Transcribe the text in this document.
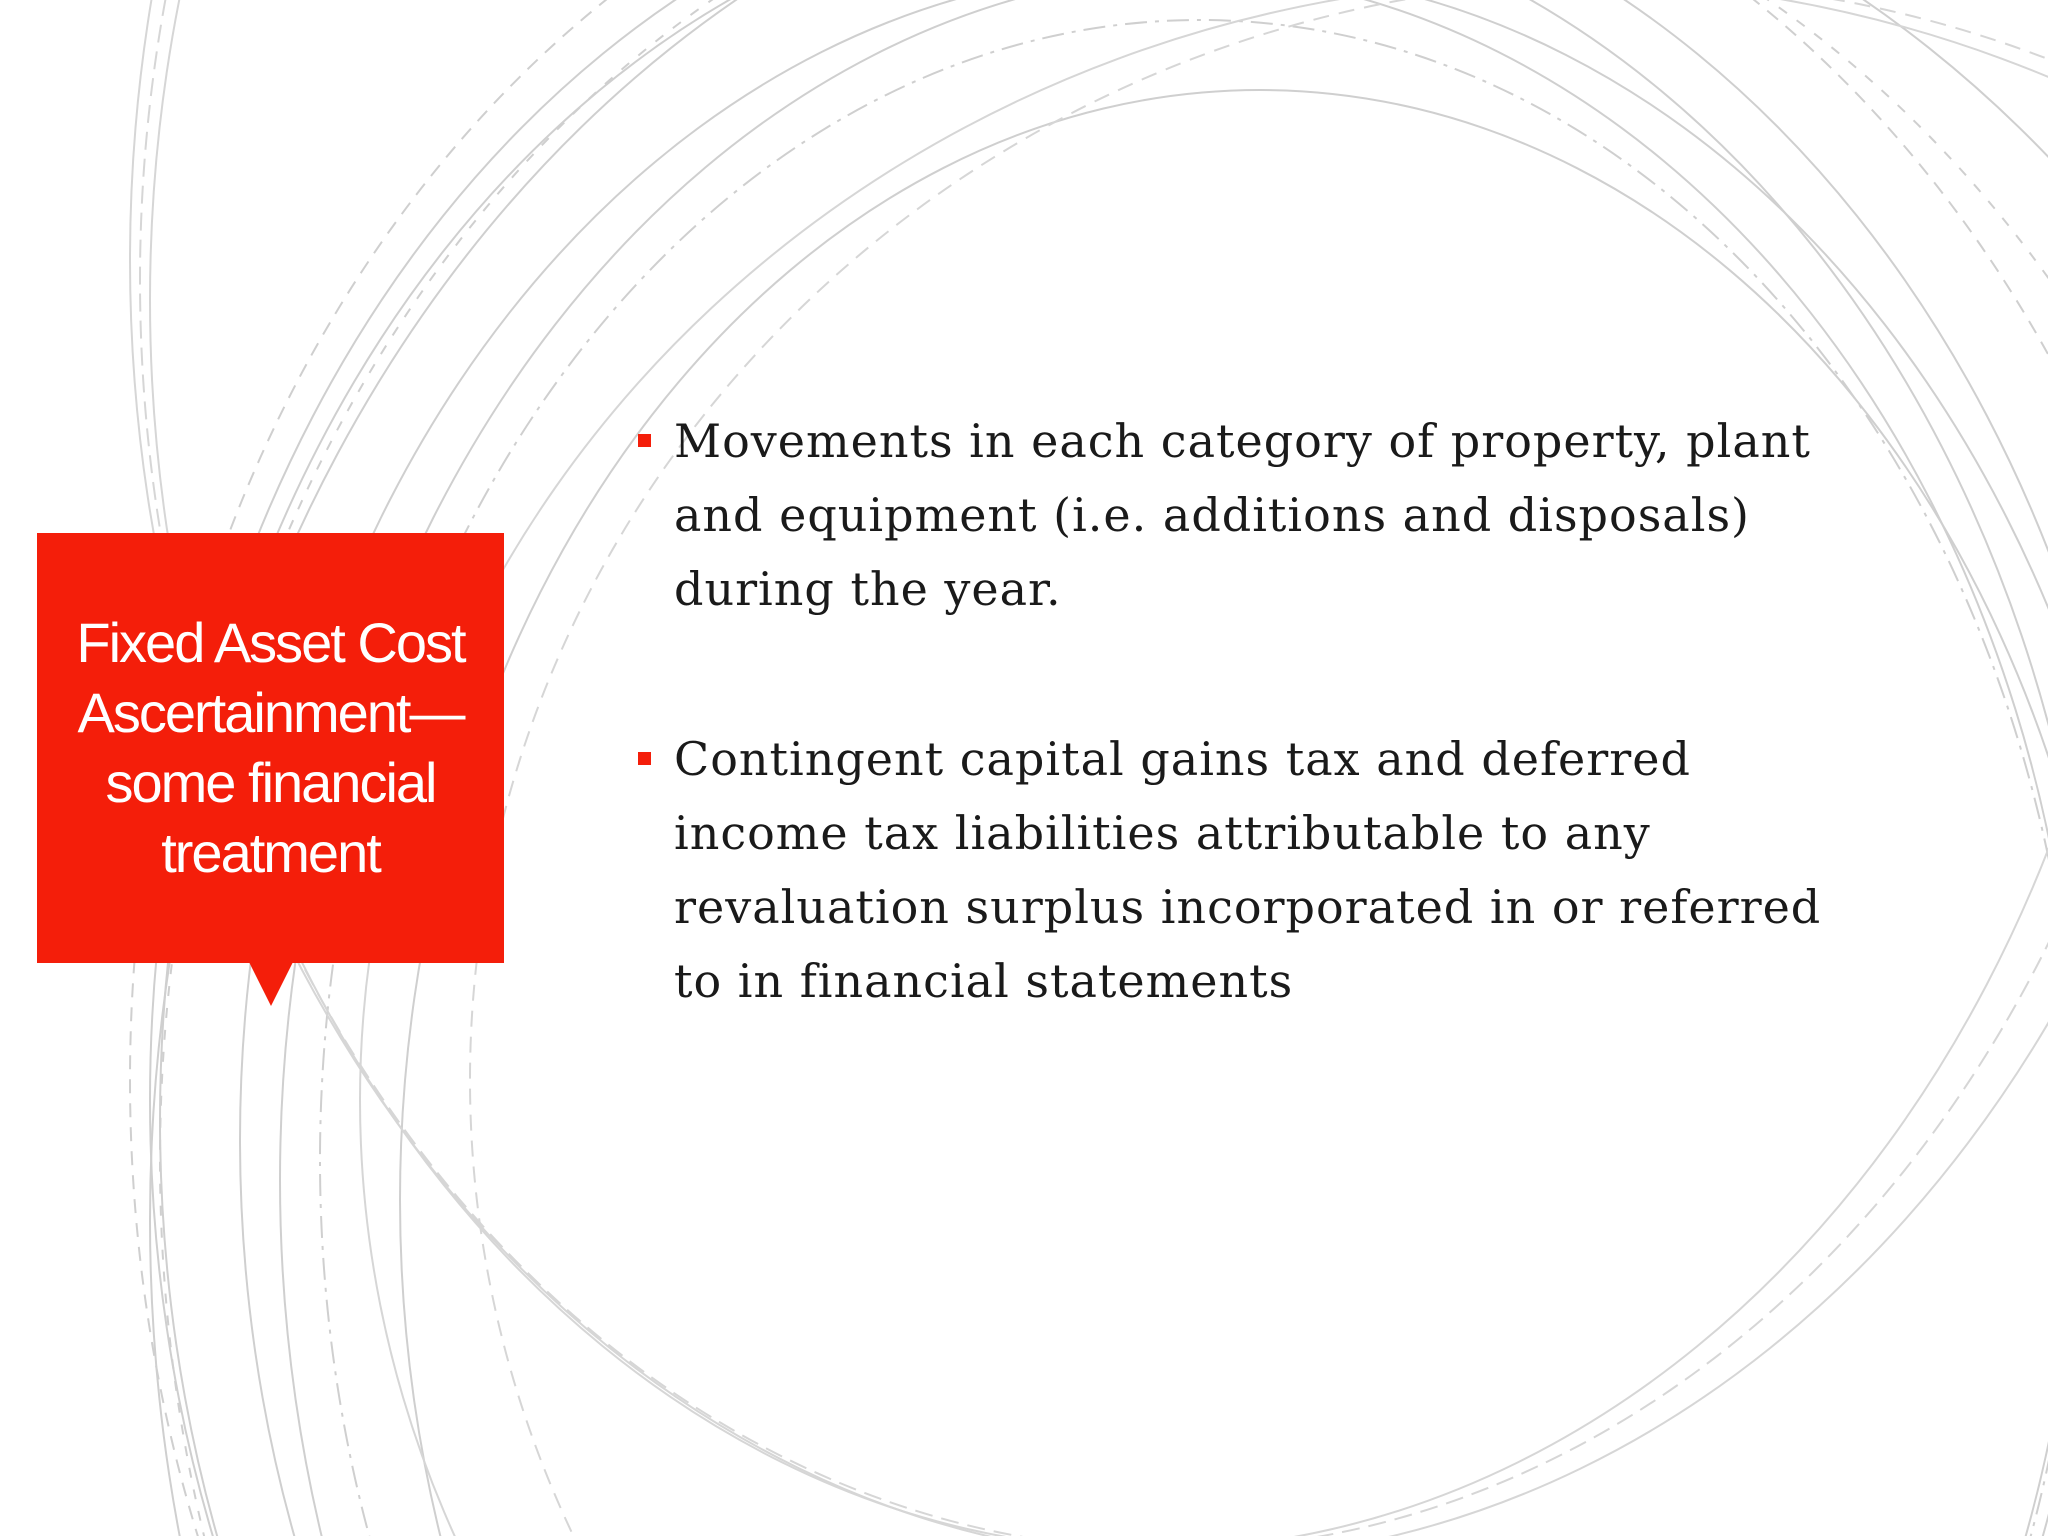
Fixed Asset Cost Ascertainment—some financial treatment
Movements in each category of property, plant and equipment (i.e. additions and disposals) during the year.
Contingent capital gains tax and deferred income tax liabilities attributable to any revaluation surplus incorporated in or referred to in financial statements
